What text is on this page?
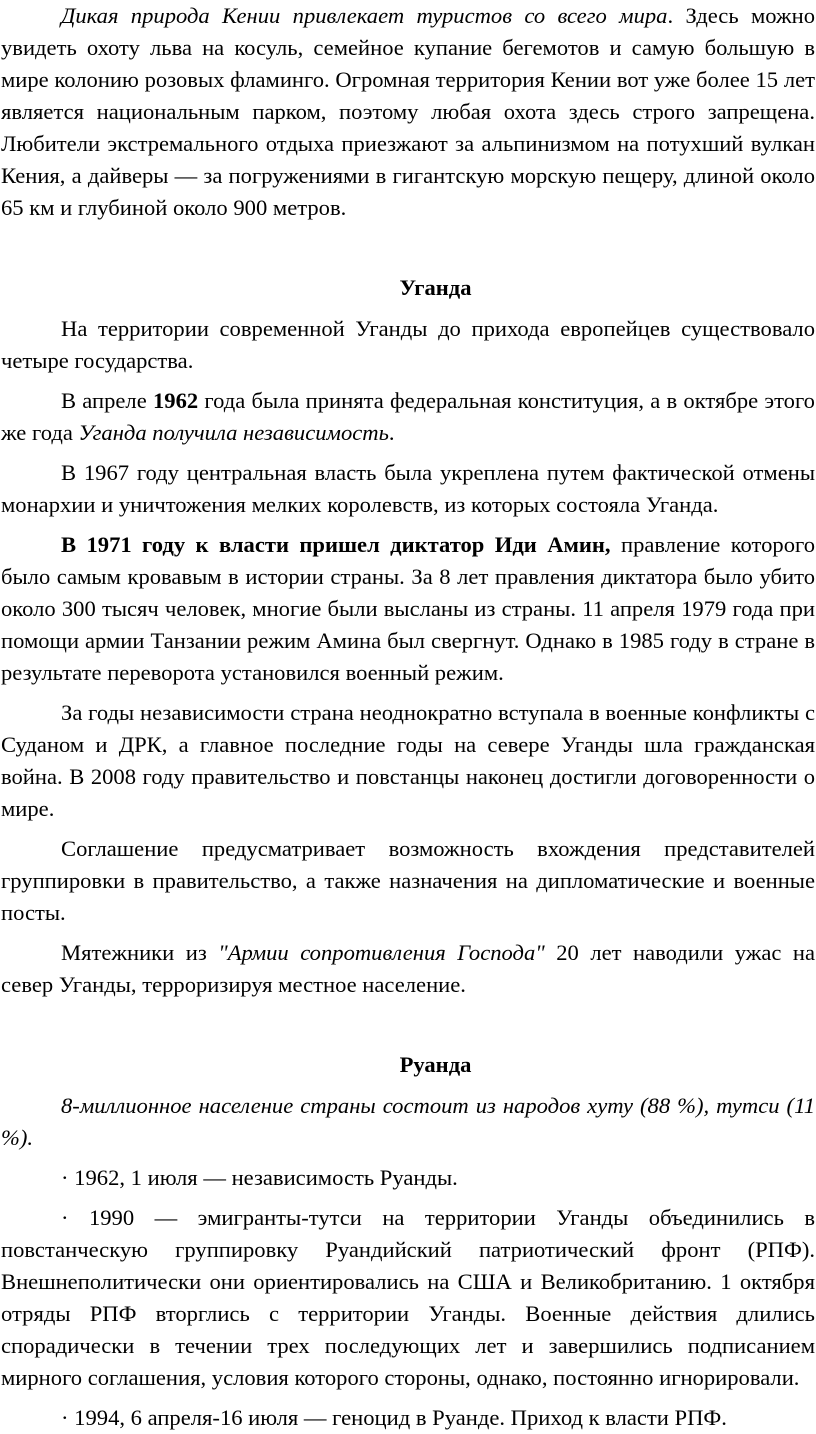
Дикая природа Кении привлекает туристов со всего мира. Здесь можно увидеть охоту льва на косуль, семейное купание бегемотов и самую большую в мире колонию розовых фламинго. Огромная территория Кении вот уже более 15 лет является национальным парком, поэтому любая охота здесь строго запрещена. Любители экстремального отдыха приезжают за альпинизмом на потухший вулкан Кения, а дайверы — за погружениями в гигантскую морскую пещеру, длиной около 65 км и глубиной около 900 метров.

Уганда

На территории современной Уганды до прихода европейцев существовало четыре государства.

В апреле 1962 года была принята федеральная конституция, а в октябре этого же года Уганда получила независимость.

В 1967 году центральная власть была укреплена путем фактической отмены монархии и уничтожения мелких королевств, из которых состояла Уганда.

В 1971 году к власти пришел диктатор Иди Амин, правление которого было самым кровавым в истории страны. За 8 лет правления диктатора было убито около 300 тысяч человек, многие были высланы из страны. 11 апреля 1979 года при помощи армии Танзании режим Амина был свергнут. Однако в 1985 году в стране в результате переворота установился военный режим.

За годы независимости страна неоднократно вступала в военные конфликты с Суданом и ДРК, а главное последние годы на севере Уганды шла гражданская война. В 2008 году правительство и повстанцы наконец достигли договоренности о мире.

Соглашение предусматривает возможность вхождения представителей группировки в правительство, а также назначения на дипломатические и военные посты.

Мятежники из "Армии сопротивления Господа" 20 лет наводили ужас на север Уганды, терроризируя местное население.

Руанда

8-миллионное население страны состоит из народов хуту (88 %), тутси (11 %).

· 1962, 1 июля — независимость Руанды.

· 1990 — эмигранты-тутси на территории Уганды объединились в повстанческую группировку Руандийский патриотический фронт (РПФ). Внешнеполитически они ориентировались на США и Великобританию. 1 октября отряды РПФ вторглись с территории Уганды. Военные действия длились спорадически в течении трех последующих лет и завершились подписанием мирного соглашения, условия которого стороны, однако, постоянно игнорировали.

· 1994, 6 апреля-16 июля — геноцид в Руанде. Приход к власти РПФ.
